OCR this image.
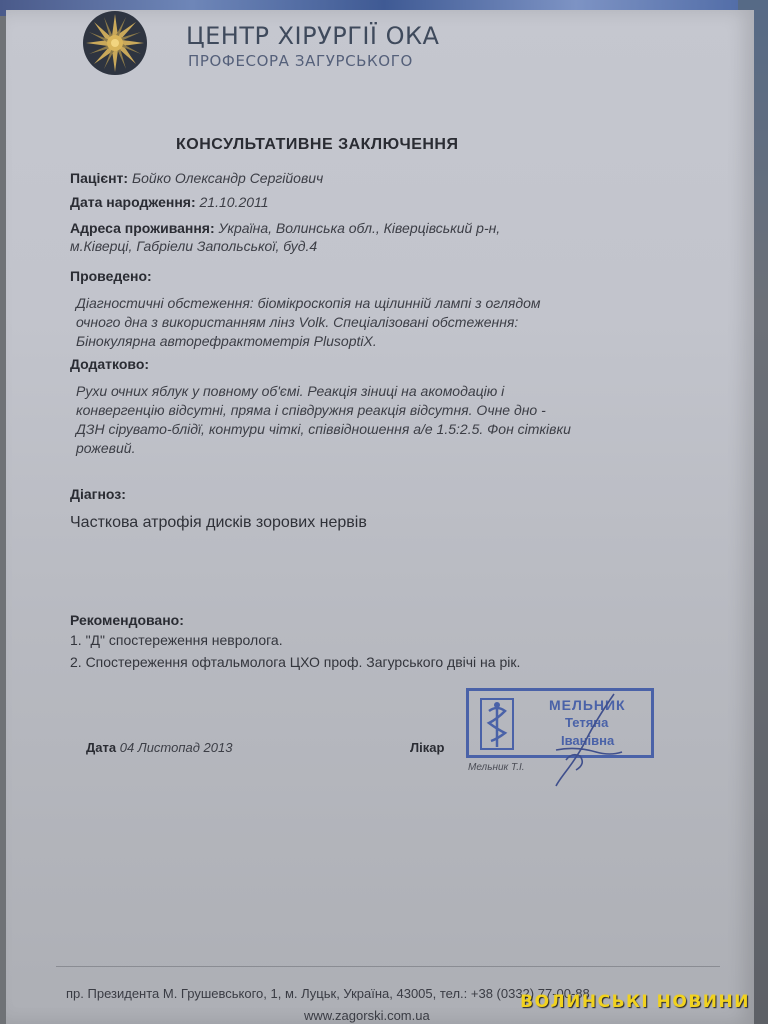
ЦЕНТР ХІРУРГІЇ ОКА
ПРОФЕСОРА ЗАГУРСЬКОГО
КОНСУЛЬТАТИВНЕ ЗАКЛЮЧЕННЯ
Пацієнт: Бойко Олександр Сергійович
Дата народження: 21.10.2011
Адреса проживання: Україна, Волинська обл., Ківерцівський р-н,
м.Ківерці, Габріели Запольської, буд.4
Проведено:
Діагностичні обстеження: біомікроскопія на щілинній лампі з оглядом
очного дна з використанням лінз Volk. Спеціалізовані обстеження:
Бінокулярна авторефрактометрія PlusoptiX.
Додатково:
Рухи очних яблук у повному об'ємі. Реакція зіниці на акомодацію і
конвергенцію відсутні, пряма і співдружня реакція відсутня. Очне дно -
ДЗН сірувато-блідї, контури чіткі, співвідношення а/е 1.5:2.5. Фон сітківки
рожевий.
Діагноз:
Часткова атрофія дисків зорових нервів
Рекомендовано:
1. "Д" спостереження невролога.
2. Спостереження офтальмолога ЦХО проф. Загурського двічі на рік.
Дата 04 Листопад 2013	Лікар
МЕЛЬНИК
Тетяна
Іванівна
Мельник Т.І.
пр. Президента М. Грушевського, 1, м. Луцьк, Україна, 43005, тел.: +38 (0332) 77-00-88
www.zagorski.com.ua
ВОЛИНСЬКІ НОВИНИ
